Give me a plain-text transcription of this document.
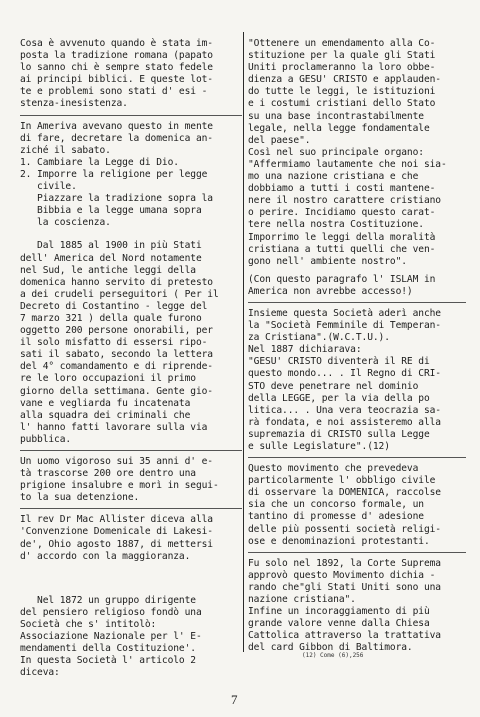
Cosa è avvenuto quando è stata im-
posta la tradizione romana (papato
lo sanno chi è sempre stato fedele
ai principi biblici. E queste lot-
te e problemi sono stati d' esi -
stenza-inesistenza.

In Ameriva avevano questo in mente
di fare, decretare la domenica an-
ziché il sabato.
1. Cambiare la Legge di Dio.
2. Imporre la religione per legge
civile.
Piazzare la tradizione sopra la
Bibbia e la legge umana sopra
la coscienza.

Dal 1885 al 1900 in più Stati
dell' America del Nord notamente
nel Sud, le antiche leggi della
domenica hanno servito di pretesto
a dei crudeli perseguitori ( Per il
Decreto di Costantino - legge del
7 marzo 321 ) della quale furono
oggetto 200 persone onorabili, per
il solo misfatto di essersi ripo-
sati il sabato, secondo la lettera
del 4° comandamento e di riprende-
re le loro occupazioni il primo
giorno della settimana. Gente gio-
vane e vegliarda fu incatenata
alla squadra dei criminali che
l' hanno fatti lavorare sulla via
pubblica.

Un uomo vigoroso sui 35 anni d' e-
tà trascorse 200 ore dentro una
prigione insalubre e morì in segui-
to la sua detenzione.

Il rev Dr Mac Allister diceva alla
'Convenzione Domenicale di Lakesi-
de', Ohio agosto 1887, di mettersi
d' accordo con la maggioranza.

Nel 1872 un gruppo dirigente
del pensiero religioso fondò una
Società che s' intitolò:
Associazione Nazionale per l' E-
mendamenti della Costituzione'.
In questa Società l' articolo 2
diceva:

"Ottenere un emendamento alla Co-
stituzione per la quale gli Stati
Uniti proclameranno la loro obbe-
dienza a GESU' CRISTO e applauden-
do tutte le leggi, le istituzioni
e i costumi cristiani dello Stato
su una base incontrastabilmente
legale, nella legge fondamentale
del paese".

Così nel suo principale organo:
"Affermiamo lautamente che noi sia-
mo una nazione cristiana e che
dobbiamo a tutti i costi mantene-
nere il nostro carattere cristiano
o perire. Incidiamo questo carat-
tere nella nostra Costituzione.
Imporrimo le leggi della moralità
cristiana a tutti quelli che ven-
gono nell' ambiente nostro".

(Con questo paragrafo l' ISLAM in
America non avrebbe accesso!)

Insieme questa Società aderì anche
la "Società Femminile di Temperan-
za Cristiana".(W.C.T.U.).
Nel 1887 dichiarava:
"GESU' CRISTO diventerà il RE di
questo mondo... . Il Regno di CRI-
STO deve penetrare nel dominio
della LEGGE, per la via della po
litica... . Una vera teocrazia sa-
rà fondata, e noi assisteremo alla
supremazia di CRISTO sulla Legge
e sulle Legislature".(12)

Questo movimento che prevedeva
particolarmente l' obbligo civile
di osservare la DOMENICA, raccolse
sia che un concorso formale, un
tantino di promesse d' adesione
delle più possenti società religi-
ose e denominazioni protestanti.

Fu solo nel 1892, la Corte Suprema
approvò questo Movimento dichia -
rando che"gli Stati Uniti sono una
nazione cristiana".
Infine un incoraggiamento di più
grande valore venne dalla Chiesa
Cattolica attraverso la trattativa
del card Gibbon di Baltimora.

(12) Come (6),256
7
